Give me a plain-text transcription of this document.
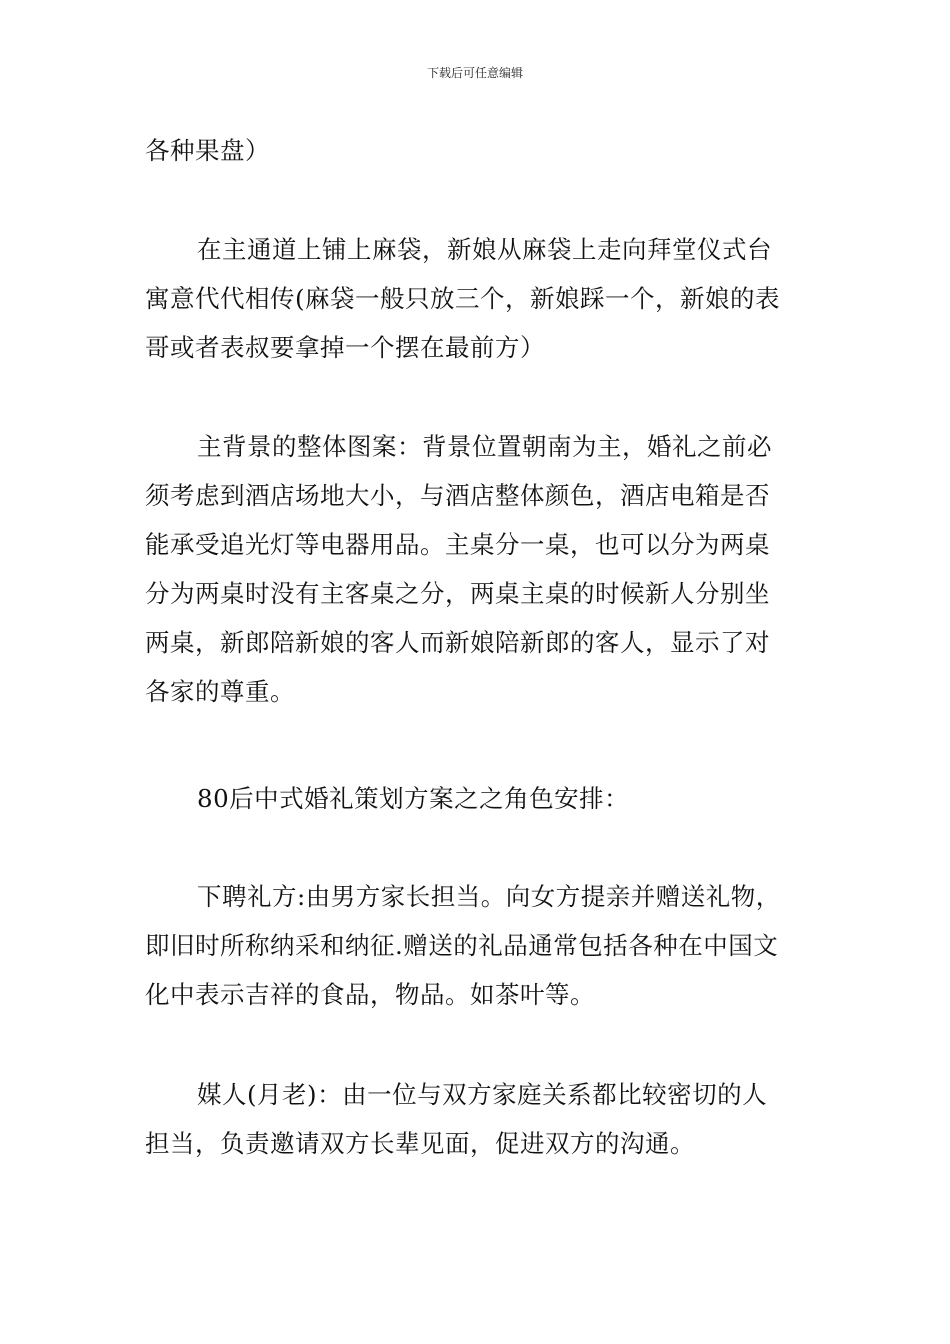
下载后可任意编辑
各种果盘）
在主通道上铺上麻袋，新娘从麻袋上走向拜堂仪式台
寓意代代相传(麻袋一般只放三个，新娘踩一个，新娘的表
哥或者表叔要拿掉一个摆在最前方）
主背景的整体图案：背景位置朝南为主，婚礼之前必
须考虑到酒店场地大小，与酒店整体颜色，酒店电箱是否
能承受追光灯等电器用品。主桌分一桌，也可以分为两桌
分为两桌时没有主客桌之分，两桌主桌的时候新人分别坐
两桌，新郎陪新娘的客人而新娘陪新郎的客人，显示了对
各家的尊重。
80后中式婚礼策划方案之之角色安排：
下聘礼方:由男方家长担当。向女方提亲并赠送礼物，
即旧时所称纳采和纳征.赠送的礼品通常包括各种在中国文
化中表示吉祥的食品，物品。如茶叶等。
媒人(月老)：由一位与双方家庭关系都比较密切的人
担当，负责邀请双方长辈见面，促进双方的沟通。
